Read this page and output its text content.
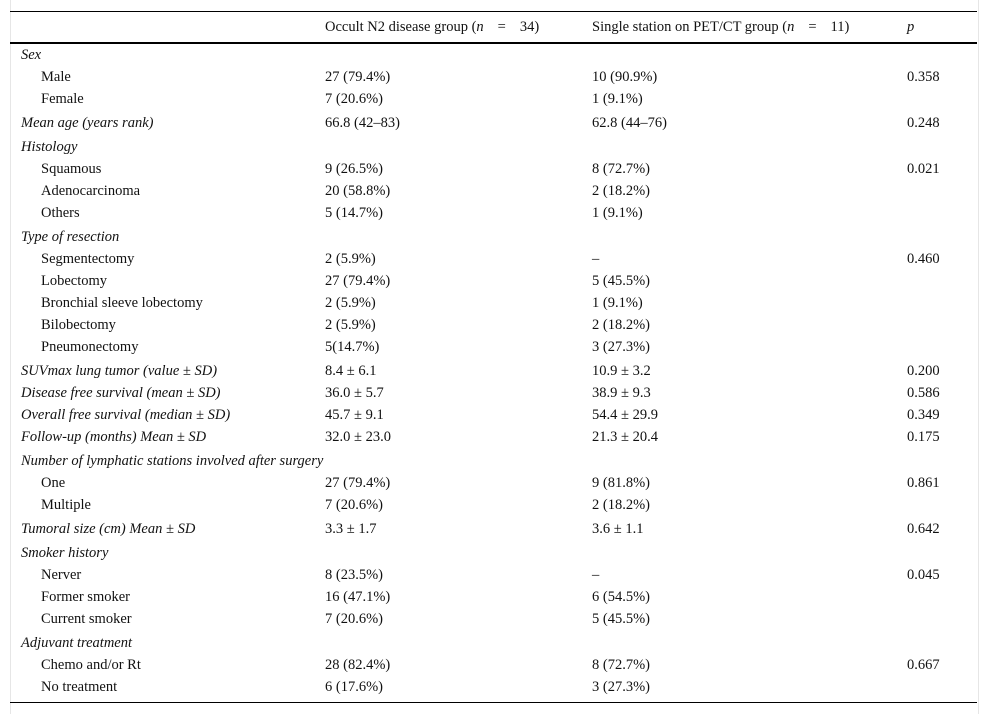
Occult N2 disease group (n = 34)	Single station on PET/CT group (n = 11)	p
Sex
Male	27 (79.4%)	10 (90.9%)	0.358
Female	7 (20.6%)	1 (9.1%)
Mean age (years rank)	66.8 (42–83)	62.8 (44–76)	0.248
Histology
Squamous	9 (26.5%)	8 (72.7%)	0.021
Adenocarcinoma	20 (58.8%)	2 (18.2%)
Others	5 (14.7%)	1 (9.1%)
Type of resection
Segmentectomy	2 (5.9%)	–	0.460
Lobectomy	27 (79.4%)	5 (45.5%)
Bronchial sleeve lobectomy	2 (5.9%)	1 (9.1%)
Bilobectomy	2 (5.9%)	2 (18.2%)
Pneumonectomy	5(14.7%)	3 (27.3%)
SUVmax lung tumor (value ± SD)	8.4 ± 6.1	10.9 ± 3.2	0.200
Disease free survival (mean ± SD)	36.0 ± 5.7	38.9 ± 9.3	0.586
Overall free survival (median ± SD)	45.7 ± 9.1	54.4 ± 29.9	0.349
Follow-up (months) Mean ± SD	32.0 ± 23.0	21.3 ± 20.4	0.175
Number of lymphatic stations involved after surgery
One	27 (79.4%)	9 (81.8%)	0.861
Multiple	7 (20.6%)	2 (18.2%)
Tumoral size (cm) Mean ± SD	3.3 ± 1.7	3.6 ± 1.1	0.642
Smoker history
Nerver	8 (23.5%)	–	0.045
Former smoker	16 (47.1%)	6 (54.5%)
Current smoker	7 (20.6%)	5 (45.5%)
Adjuvant treatment
Chemo and/or Rt	28 (82.4%)	8 (72.7%)	0.667
No treatment	6 (17.6%)	3 (27.3%)
